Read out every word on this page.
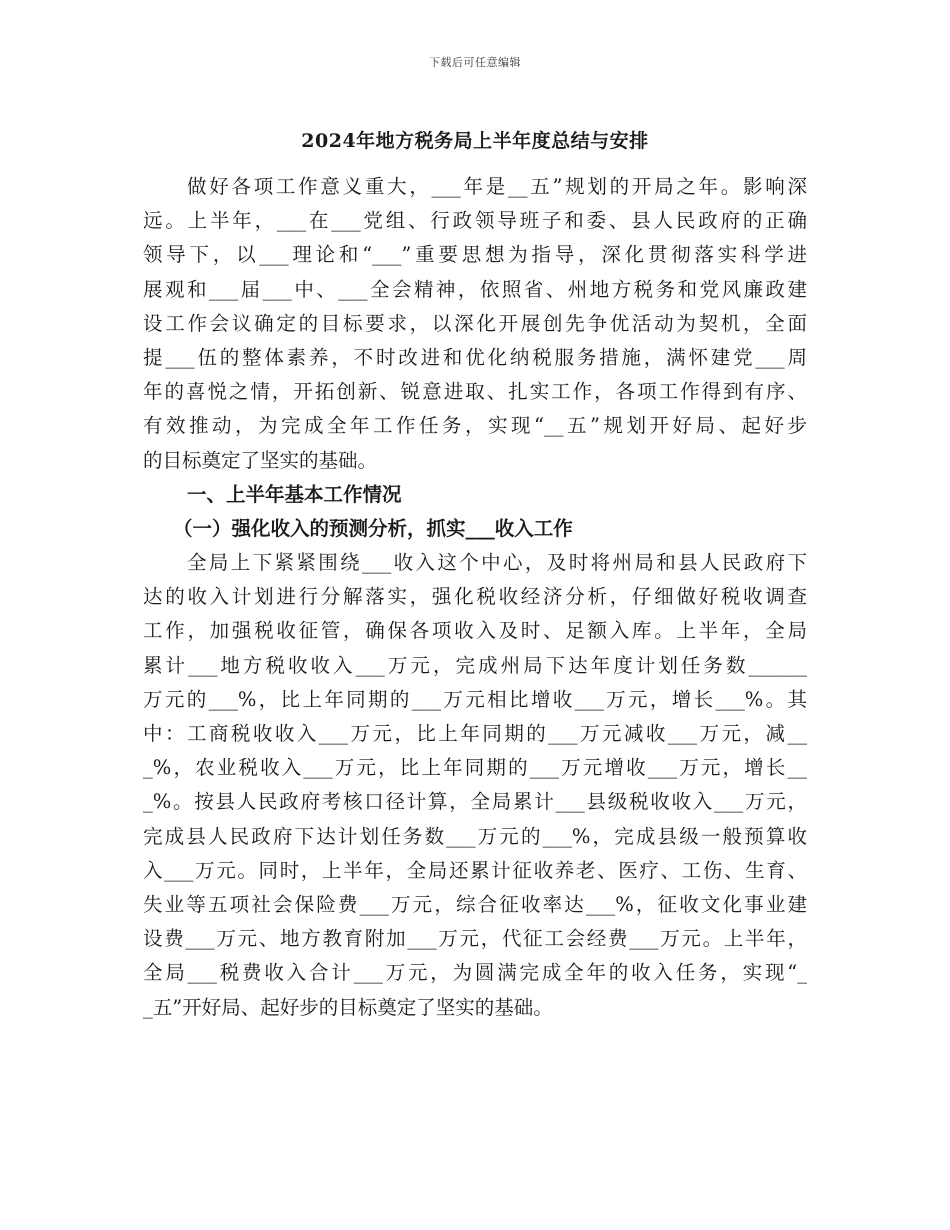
下载后可任意编辑
2024年地方税务局上半年度总结与安排
做好各项工作意义重大，___年是__五”规划的开局之年。影响深
远。上半年，___在___党组、行政领导班子和委、县人民政府的正确
领导下，以___理论和“___”重要思想为指导，深化贯彻落实科学进
展观和___届___中、___全会精神，依照省、州地方税务和党风廉政建
设工作会议确定的目标要求，以深化开展创先争优活动为契机，全面
提___伍的整体素养，不时改进和优化纳税服务措施，满怀建党___周
年的喜悦之情，开拓创新、锐意进取、扎实工作，各项工作得到有序、
有效推动，为完成全年工作任务，实现“__五”规划开好局、起好步
的目标奠定了坚实的基础。
一、上半年基本工作情况
（一）强化收入的预测分析，抓实___收入工作
全局上下紧紧围绕___收入这个中心，及时将州局和县人民政府下
达的收入计划进行分解落实，强化税收经济分析，仔细做好税收调查
工作，加强税收征管，确保各项收入及时、足额入库。上半年，全局
累计___地方税收收入___万元，完成州局下达年度计划任务数______
万元的___%，比上年同期的___万元相比增收___万元，增长___%。其
中：工商税收收入___万元，比上年同期的___万元减收___万元，减__
_%，农业税收入___万元，比上年同期的___万元增收___万元，增长__
_%。按县人民政府考核口径计算，全局累计___县级税收收入___万元，
完成县人民政府下达计划任务数___万元的___%，完成县级一般预算收
入___万元。同时，上半年，全局还累计征收养老、医疗、工伤、生育、
失业等五项社会保险费___万元，综合征收率达___%，征收文化事业建
设费___万元、地方教育附加___万元，代征工会经费___万元。上半年，
全局___税费收入合计___万元，为圆满完成全年的收入任务，实现“_
_五”开好局、起好步的目标奠定了坚实的基础。
